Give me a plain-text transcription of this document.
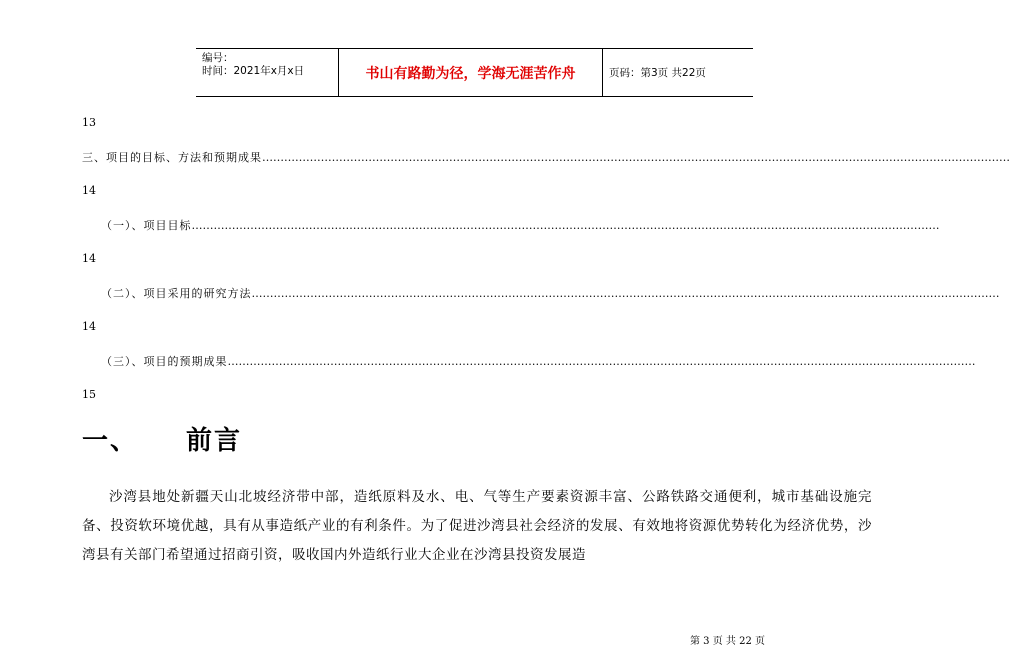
编号：
时间：2021年x月x日	书山有路勤为径，学海无涯苦作舟	页码：第3页 共22页
13
三、项目的目标、方法和预期成果……………………………………………………………………………………………………………………………………………………………………………………
14
（一）、项目目标……………………………………………………………………………………………………………………………………………………………………………………
14
（二）、项目采用的研究方法……………………………………………………………………………………………………………………………………………………………………………………
14
（三）、项目的预期成果……………………………………………………………………………………………………………………………………………………………………………………
15
一、 前言
沙湾县地处新疆天山北坡经济带中部，造纸原料及水、电、气等生产要素资源丰富、公路铁路交通便利，城市基础设施完备、投资软环境优越，具有从事造纸产业的有利条件。为了促进沙湾县社会经济的发展、有效地将资源优势转化为经济优势，沙湾县有关部门希望通过招商引资，吸收国内外造纸行业大企业在沙湾县投资发展造
第 3 页 共 22 页
